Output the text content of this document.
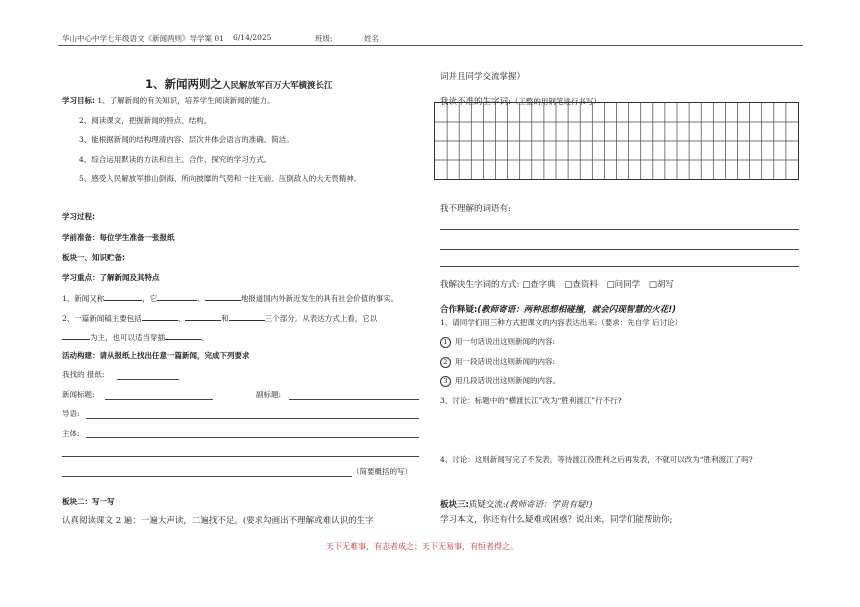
华山中心中学七年级语文《新闻两则》导学案 01 6/14/2025	班级:	姓名
1、新闻两则之人民解放军百万大军横渡长江
学习目标: 1、了解新闻的有关知识，培养学生阅读新闻的能力。
2、阅读课文，把握新闻的特点、结构。
3、能根据新闻的结构理清内容、层次并体会语言的准确、简洁。
4、综合运用默读的方法和自主、合作、探究的学习方式。
5、感受人民解放军排山倒海、所向披靡的气势和一往无前、压倒敌人的大无畏精神。
学习过程:
学前准备：每位学生准备一张报纸
板块一、知识贮备:
学习重点：了解新闻及其特点
1、新闻又称	，它	、	地报道国内外新近发生的具有社会价值的事实。
2、一篇新闻稿主要包括	、	和	三个部分。从表达方式上看，它以
为主，也可以适当穿插	。
活动构建：请从报纸上找出任意一篇新闻，完成下列要求
我找的 报纸:
新闻标题:	副标题:
导语:
主体:
（简要概括的写）
板块二：写一写
认真阅读课文 2 遍：一遍大声读，二遍找不足。(要求勾画出不理解或难认识的生字
词并且同学交流掌握）
我读不准的生字词:（工整的用钢笔进行书写）
我不理解的词语有:
我解决生字词的方式: □查字典 □查资料 □问同学 □胡写
合作释疑:(教师寄语：两种思想相碰撞，就会闪现智慧的火花!)
1、请同学们用三种方式把课文的内容表达出来;（要求：先自学 后讨论）
1 用一句话说出这则新闻的内容:
2 用一段话说出这则新闻的内容:
3 用几段话说出这则新闻的内容。
3、讨论：标题中的“横渡长江”改为“胜利渡江”行不行?
4、讨论：这则新闻写完了不发表，等待渡江役胜利之后再发表，不就可以改为“胜利渡江了吗?
板块三:质疑交流:(教师寄语：学贵有疑!)
学习本文，你还有什么疑难或困惑？说出来，同学们能帮助你;
天下无难事，有志者成之；天下无易事，有恒者得之。
